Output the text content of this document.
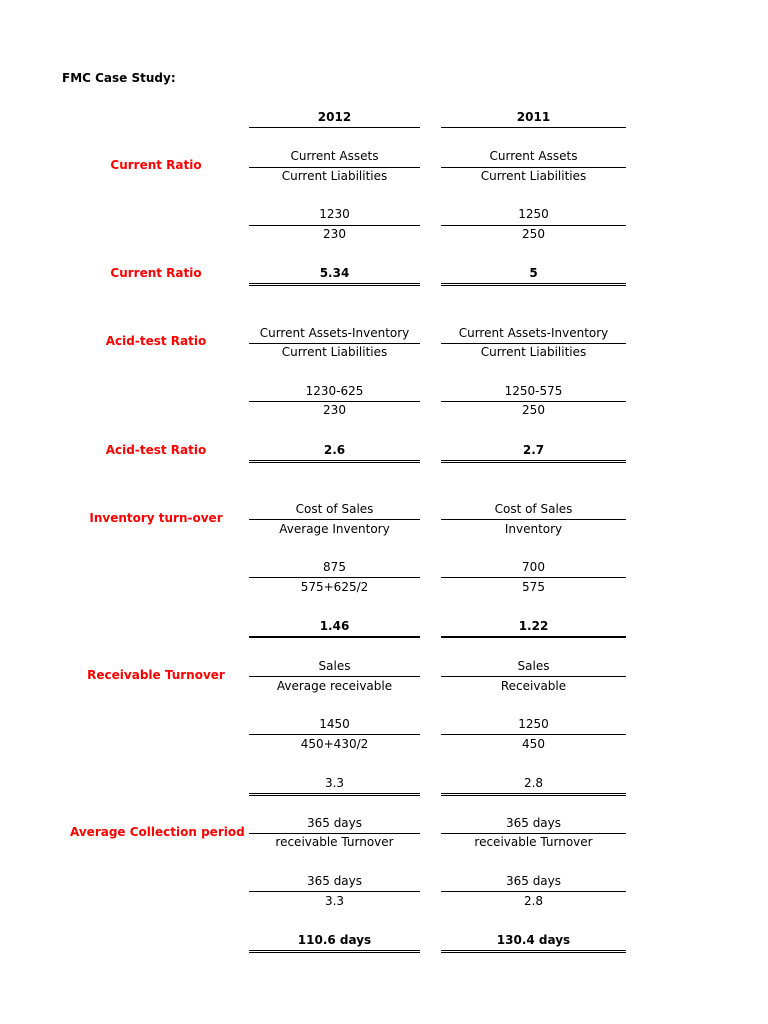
FMC Case Study:
2012	2011
Current Ratio
Current Assets	Current Assets
Current Liabilities	Current Liabilities
1230	1250
230	250
Current Ratio	5.34	5
Acid-test Ratio
Current Assets-Inventory	Current Assets-Inventory
Current Liabilities	Current Liabilities
1230-625	1250-575
230	250
Acid-test Ratio	2.6	2.7
Inventory turn-over
Cost of Sales	Cost of Sales
Average Inventory	Inventory
875	700
575+625/2	575
1.46	1.22
Receivable Turnover
Sales	Sales
Average receivable	Receivable
1450	1250
450+430/2	450
3.3	2.8
Average Collection period
365 days	365 days
receivable Turnover	receivable Turnover
365 days	365 days
3.3	2.8
110.6 days	130.4 days
